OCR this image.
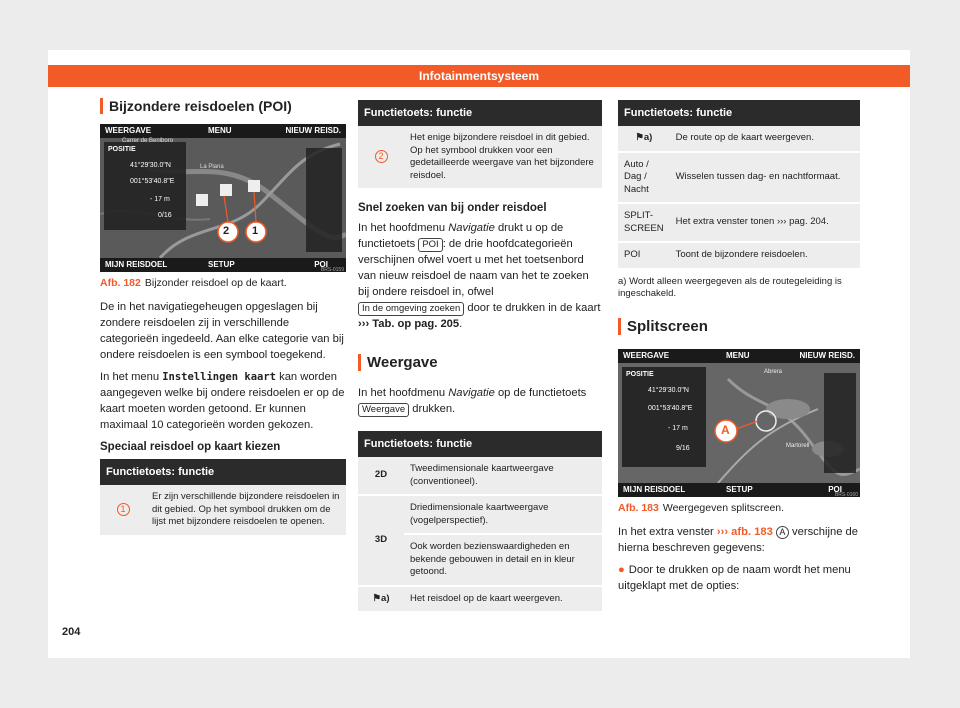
Infotainmentsysteem
Bijzondere reisdoelen (POI)
WEERGAVE	MENU	NIEUW REISD.
POSITIE
41°29'30.0"N
001°53'40.8"E
- 17 m
0/16
Carrer de Beniboro
La Plana
2 1
MIJN REISDOEL	SETUP	POI
BRS-0159
Afb. 182 Bijzonder reisdoel op de kaart.
De in het navigatiegeheugen opgeslagen bij zondere reisdoelen zij in verschillende categorieën ingedeeld. Aan elke categorie van bij ondere reisdoelen is een symbool toegekend.
In het menu Instellingen kaart kan worden aangegeven welke bij ondere reisdoelen er op de kaart moeten worden getoond. Er kunnen maximaal 10 categorieën worden gekozen.
Speciaal reisdoel op kaart kiezen
Functietoets: functie
1	Er zijn verschillende bijzondere reisdoelen in dit gebied. Op het symbool drukken om de lijst met bijzondere reisdoelen te openen.
Functietoets: functie
2	Het enige bijzondere reisdoel in dit gebied. Op het symbool drukken voor een gedetailleerde weergave van het bijzondere reisdoel.
Snel zoeken van bij onder reisdoel
In het hoofdmenu Navigatie drukt u op de functietoets POI : de drie hoofdcategorieën verschijnen ofwel voert u met het toetsenbord van nieuw reisdoel de naam van het te zoeken bij ondere reisdoel in, ofwel In de omgeving zoeken door te drukken in de kaart ››› Tab. op pag. 205.
Weergave
In het hoofdmenu Navigatie op de functietoets Weergave drukken.
Functietoets: functie	
2D	Tweedimensionale kaartweergave (conventioneel).
3D	Driedimensionale kaartweergave (vogelperspectief).
	Ook worden bezienswaardigheden en bekende gebouwen in detail en in kleur getoond.
⚑a)	Het reisdoel op de kaart weergeven.
Functietoets: functie	
⚑a)	De route op de kaart weergeven.
Auto / Dag / Nacht	Wisselen tussen dag- en nachtformaat.
SPLIT-SCREEN	Het extra venster tonen ››› pag. 204.
POI	Toont de bijzondere reisdoelen.
a) Wordt alleen weergegeven als de routegeleiding is ingeschakeld.
Splitscreen
WEERGAVE	MENU	NIEUW REISD.
POSITIE
41°29'30.0"N
001°53'40.8"E
- 17 m
9/16
Abrera
Martorell
A
MIJN REISDOEL	SETUP	POI
BRS-0160
Afb. 183 Weergegeven splitscreen.
In het extra venster ››› afb. 183 A verschijne de hierna beschreven gegevens:
● Door te drukken op de naam wordt het menu uitgeklapt met de opties:
204
